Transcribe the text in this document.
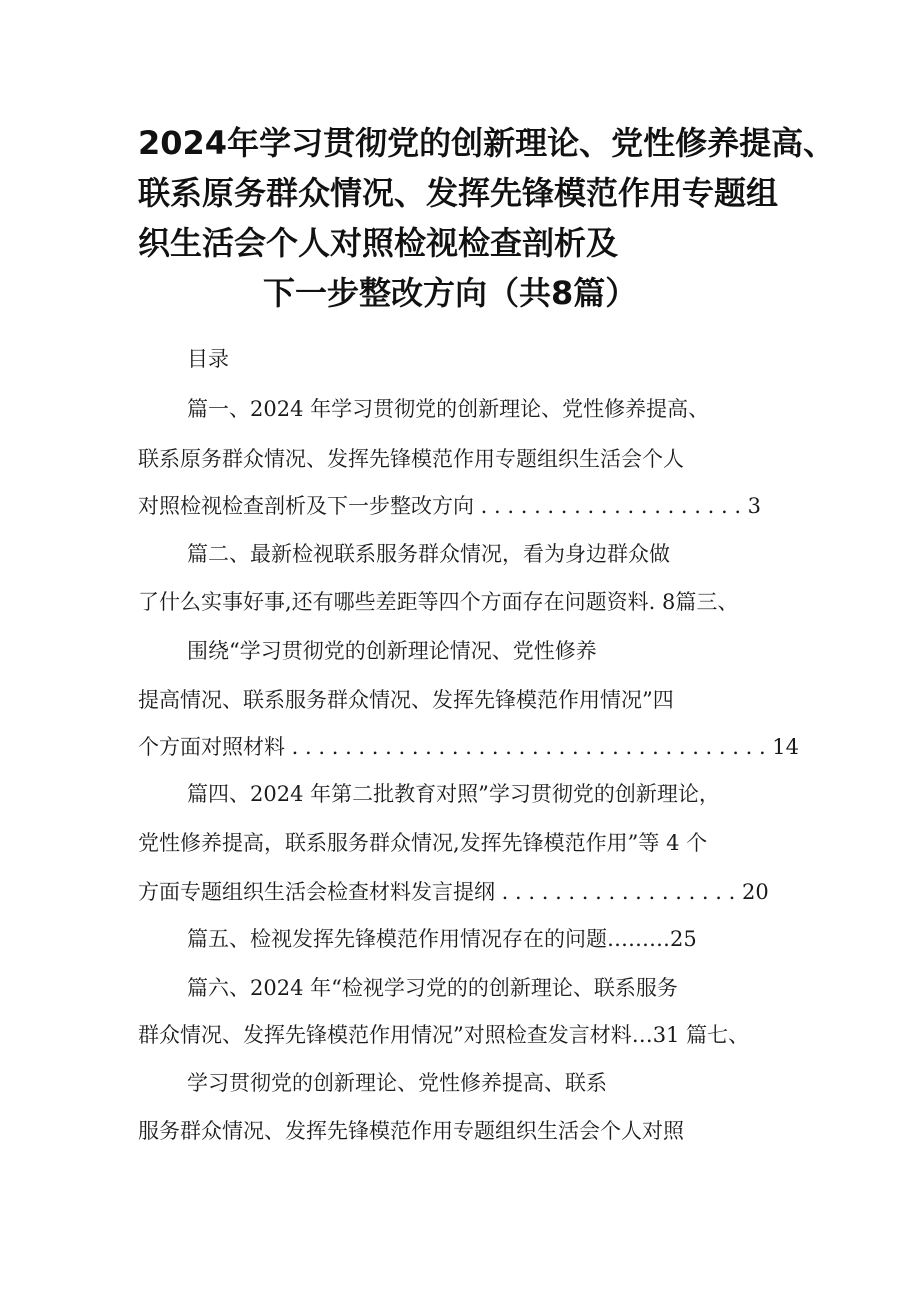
2024年学习贯彻党的创新理论、党性修养提高、
联系原务群众情况、发挥先锋模范作用专题组
织生活会个人对照检视检查剖析及
下一步整改方向（共8篇）
目录
篇一、2024 年学习贯彻党的创新理论、党性修养提高、
联系原务群众情况、发挥先锋模范作用专题组织生活会个人
对照检视检查剖析及下一步整改方向 . . . . . . . . . . . . . . . . . . . . 3
篇二、最新检视联系服务群众情况，看为身边群众做
了什么实事好事,还有哪些差距等四个方面存在问题资料. 8篇三、
围绕“学习贯彻党的创新理论情况、党性修养
提高情况、联系服务群众情况、发挥先锋模范作用情况”四
个方面对照材料 . . . . . . . . . . . . . . . . . . . . . . . . . . . . . . . . . . . . 14
篇四、2024 年第二批教育对照”学习贯彻党的创新理论，
党性修养提高，联系服务群众情况,发挥先锋模范作用”等 4 个
方面专题组织生活会检查材料发言提纲 . . . . . . . . . . . . . . . . . . 20
篇五、检视发挥先锋模范作用情况存在的问题………25
篇六、2024 年“检视学习党的的创新理论、联系服务
群众情况、发挥先锋模范作用情况”对照检查发言材料…31 篇七、
学习贯彻党的创新理论、党性修养提高、联系
服务群众情况、发挥先锋模范作用专题组织生活会个人对照
